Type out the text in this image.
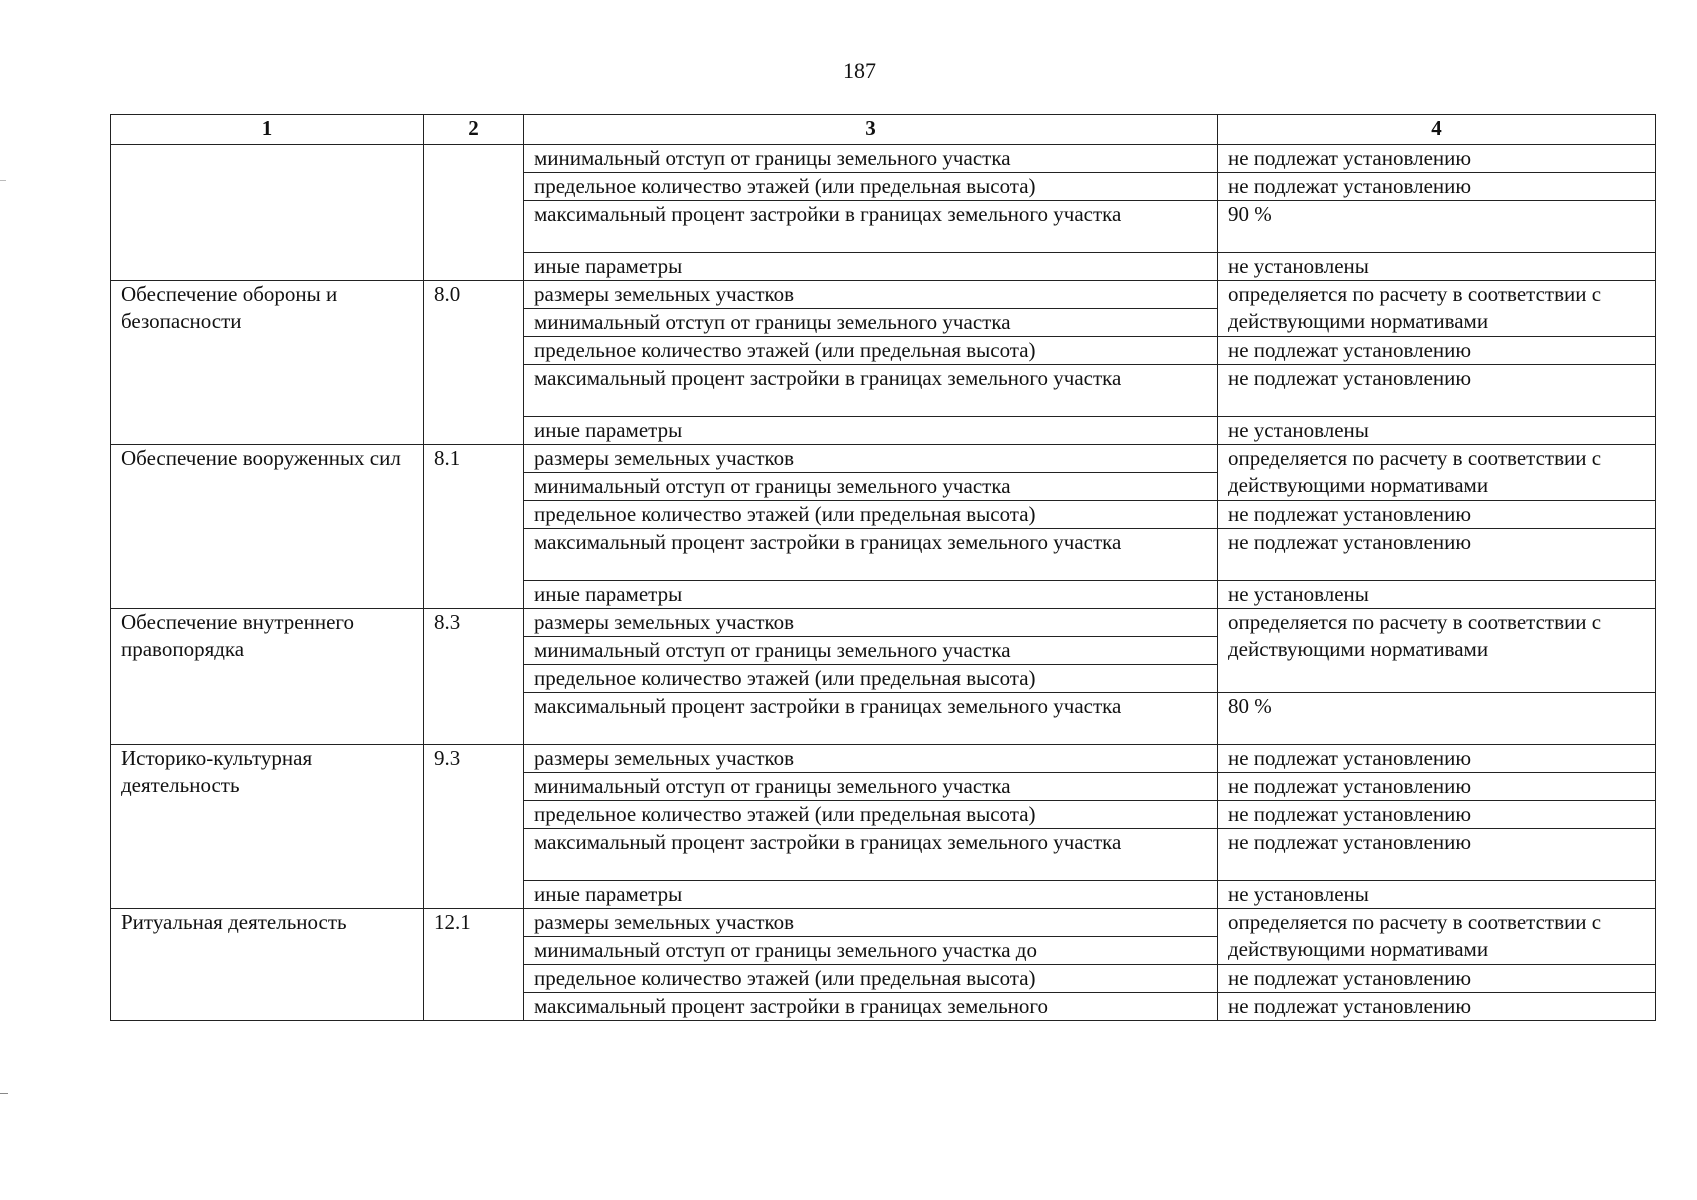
187
1	2	3	4
		минимальный отступ от границы земельного участка	не подлежат установлению
		предельное количество этажей (или предельная высота)	не подлежат установлению
		максимальный процент застройки в границах земельного участка	90 %
		иные параметры	не установлены
Обеспечение обороны и безопасности	8.0	размеры земельных участков	определяется по расчету в соответствии с действующими нормативами
		минимальный отступ от границы земельного участка	
		предельное количество этажей (или предельная высота)	не подлежат установлению
		максимальный процент застройки в границах земельного участка	не подлежат установлению
		иные параметры	не установлены
Обеспечение вооруженных сил	8.1	размеры земельных участков	определяется по расчету в соответствии с действующими нормативами
		минимальный отступ от границы земельного участка	
		предельное количество этажей (или предельная высота)	не подлежат установлению
		максимальный процент застройки в границах земельного участка	не подлежат установлению
		иные параметры	не установлены
Обеспечение внутреннего правопорядка	8.3	размеры земельных участков	определяется по расчету в соответствии с действующими нормативами
		минимальный отступ от границы земельного участка	
		предельное количество этажей (или предельная высота)	
		максимальный процент застройки в границах земельного участка	80 %
Историко-культурная деятельность	9.3	размеры земельных участков	не подлежат установлению
		минимальный отступ от границы земельного участка	не подлежат установлению
		предельное количество этажей (или предельная высота)	не подлежат установлению
		максимальный процент застройки в границах земельного участка	не подлежат установлению
		иные параметры	не установлены
Ритуальная деятельность	12.1	размеры земельных участков	определяется по расчету в соответствии с действующими нормативами
		минимальный отступ от границы земельного участка до	
		предельное количество этажей (или предельная высота)	не подлежат установлению
		максимальный процент застройки в границах земельного	не подлежат установлению
